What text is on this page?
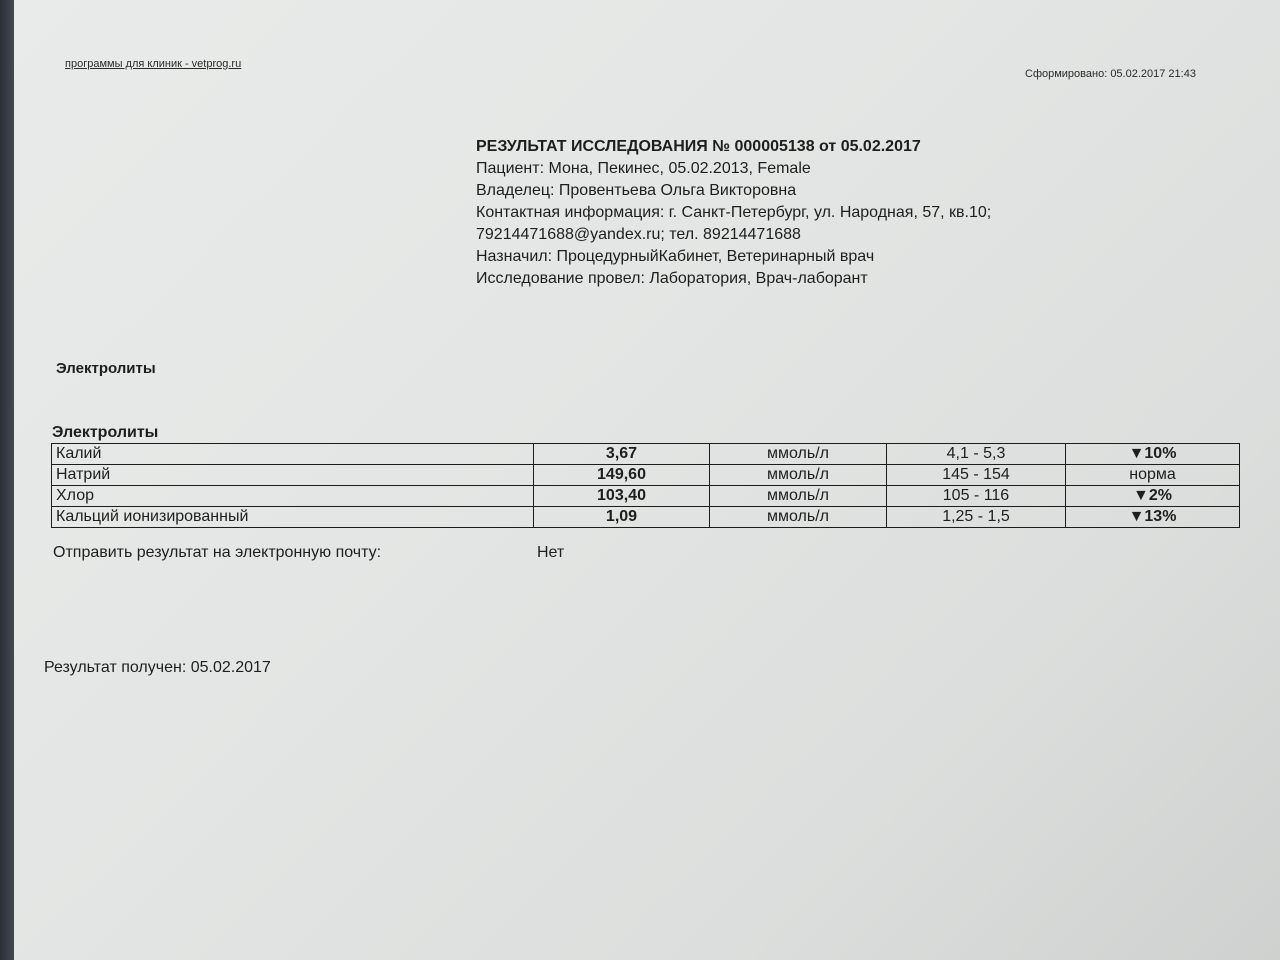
программы для клиник - vetprog.ru
Сформировано: 05.02.2017 21:43
РЕЗУЛЬТАТ ИССЛЕДОВАНИЯ № 000005138 от 05.02.2017
Пациент: Мона, Пекинес, 05.02.2013, Female
Владелец: Провентьева Ольга Викторовна
Контактная информация: г. Санкт-Петербург, ул. Народная, 57, кв.10;
79214471688@yandex.ru; тел. 89214471688
Назначил: ПроцедурныйКабинет, Ветеринарный врач
Исследование провел: Лаборатория, Врач-лаборант
Электролиты
Электролиты
Калий	3,67	ммоль/л	4,1 - 5,3	▼10%
Натрий	149,60	ммоль/л	145 - 154	норма
Хлор	103,40	ммоль/л	105 - 116	▼2%
Кальций ионизированный	1,09	ммоль/л	1,25 - 1,5	▼13%
Отправить результат на электронную почту:	Нет
Результат получен: 05.02.2017
